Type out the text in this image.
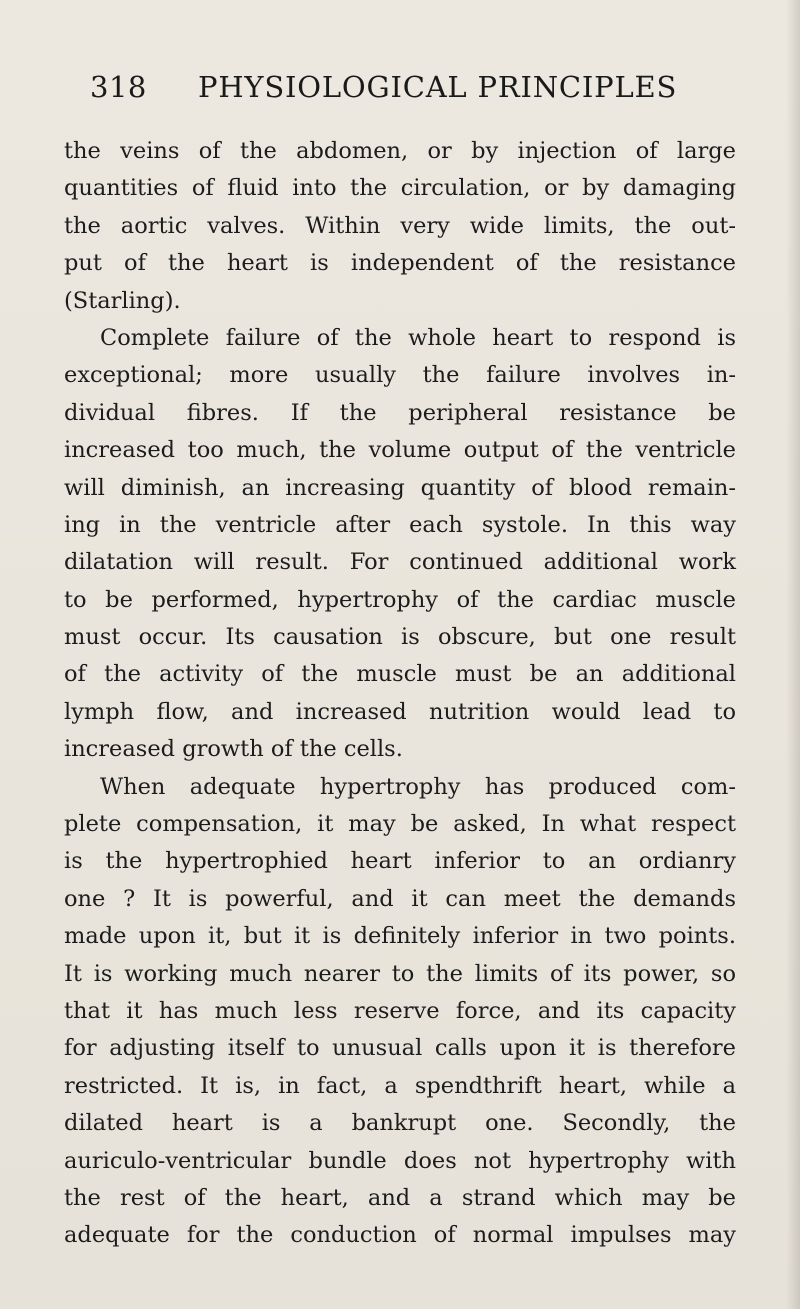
318 PHYSIOLOGICAL PRINCIPLES
the veins of the abdomen, or by injection of large
quantities of fluid into the circulation, or by damaging
the aortic valves. Within very wide limits, the out-
put of the heart is independent of the resistance
(Starling).
Complete failure of the whole heart to respond is
exceptional; more usually the failure involves in-
dividual fibres. If the peripheral resistance be
increased too much, the volume output of the ventricle
will diminish, an increasing quantity of blood remain-
ing in the ventricle after each systole. In this way
dilatation will result. For continued additional work
to be performed, hypertrophy of the cardiac muscle
must occur. Its causation is obscure, but one result
of the activity of the muscle must be an additional
lymph flow, and increased nutrition would lead to
increased growth of the cells.
When adequate hypertrophy has produced com-
plete compensation, it may be asked, In what respect
is the hypertrophied heart inferior to an ordianry
one ? It is powerful, and it can meet the demands
made upon it, but it is definitely inferior in two points.
It is working much nearer to the limits of its power, so
that it has much less reserve force, and its capacity
for adjusting itself to unusual calls upon it is therefore
restricted. It is, in fact, a spendthrift heart, while a
dilated heart is a bankrupt one. Secondly, the
auriculo-ventricular bundle does not hypertrophy with
the rest of the heart, and a strand which may be
adequate for the conduction of normal impulses may
